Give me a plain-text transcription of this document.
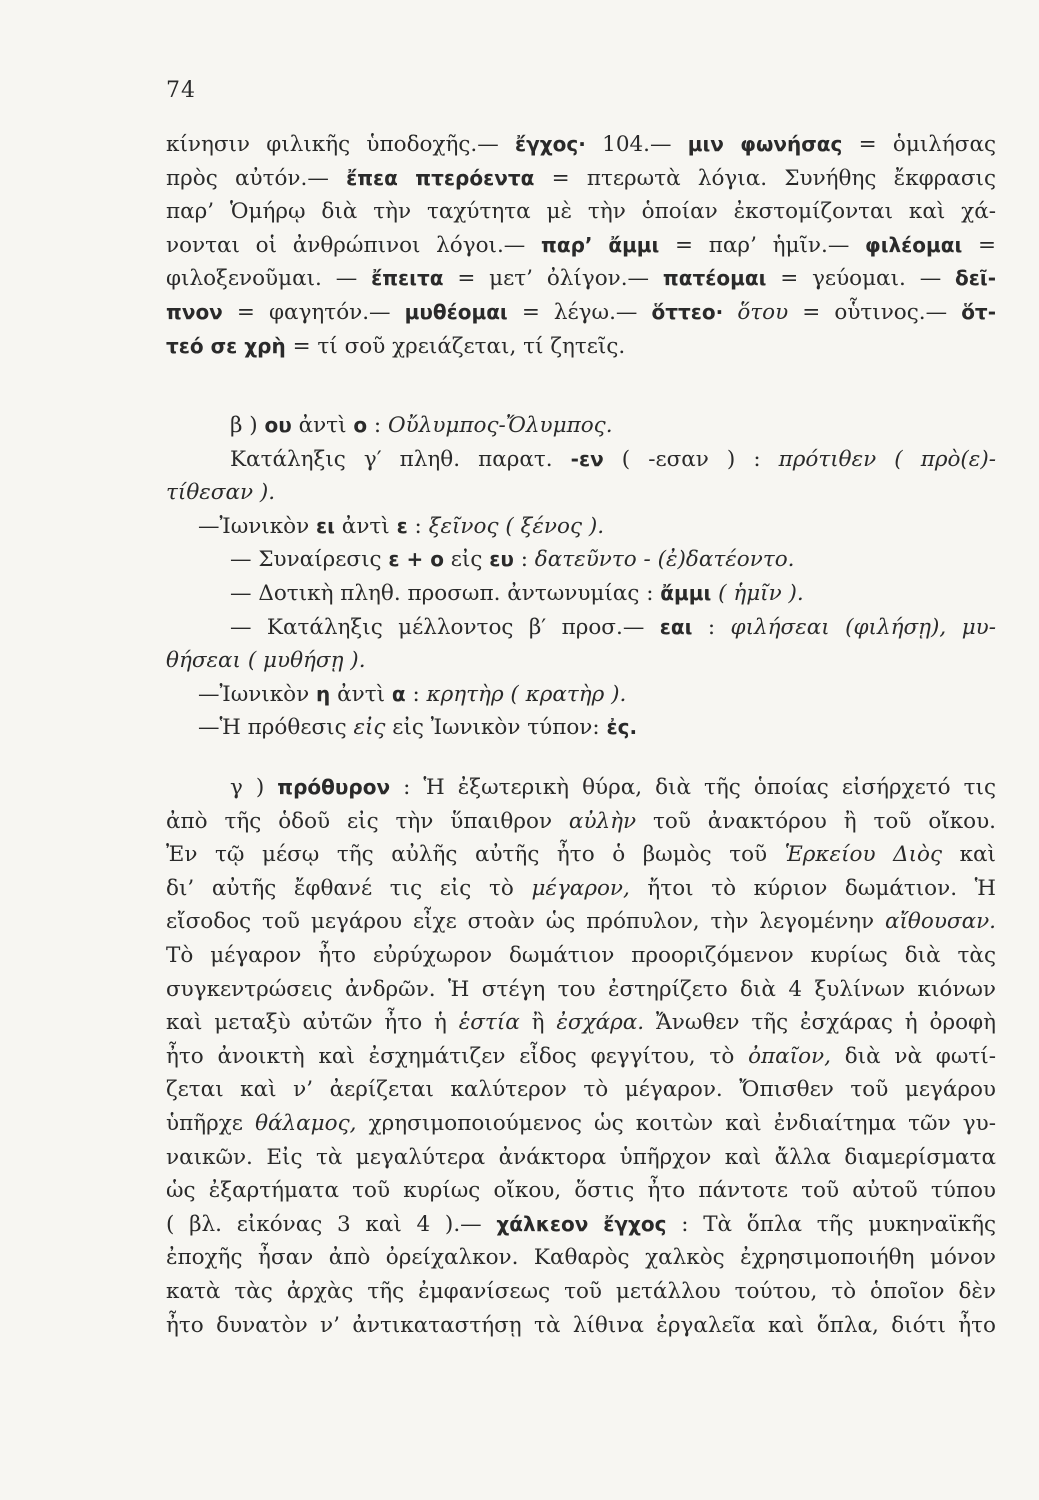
74
κίνησιν φιλικῆς ὑποδοχῆς.— ἔγχος· 104.— μιν φωνήσας = ὁμιλήσας
πρὸς αὐτόν.— ἔπεα πτερόεντα = πτερωτὰ λόγια. Συνήθης ἔκφρασις
παρ’ Ὁμήρῳ διὰ τὴν ταχύτητα μὲ τὴν ὁποίαν ἐκστομίζονται καὶ χά-
νονται οἱ ἀνθρώπινοι λόγοι.— παρ’ ἄμμι = παρ’ ἡμῖν.— φιλέομαι =
φιλοξενοῦμαι. — ἔπειτα = μετ’ ὀλίγον.— πατέομαι = γεύομαι. — δεῖ-
πνον = φαγητόν.— μυθέομαι = λέγω.— ὅττεο· ὅτου = οὗτινος.— ὅτ-
τεό σε χρὴ = τί σοῦ χρειάζεται, τί ζητεῖς.
β ) ου ἀντὶ ο : Οὔλυμπος-Ὄλυμπος.
Κατάληξις γ′ πληθ. παρατ. -εν ( -εσαν ) : πρότιθεν ( πρὸ(ε)-
τίθεσαν ).
—Ἰωνικὸν ει ἀντὶ ε : ξεῖνος ( ξένος ).
— Συναίρεσις ε + ο εἰς ευ : δατεῦντο - (ἐ)δατέοντο.
— Δοτικὴ πληθ. προσωπ. ἀντωνυμίας : ἄμμι ( ἡμῖν ).
— Κατάληξις μέλλοντος β′ προσ.— εαι : φιλήσεαι (φιλήσῃ), μυ-
θήσεαι ( μυθήσῃ ).
—Ἰωνικὸν η ἀντὶ α : κρητὴρ ( κρατὴρ ).
—Ἡ πρόθεσις εἰς εἰς Ἰωνικὸν τύπον: ἐς.
γ ) πρόθυρον : Ἡ ἐξωτερικὴ θύρα, διὰ τῆς ὁποίας εἰσήρχετό τις
ἀπὸ τῆς ὁδοῦ εἰς τὴν ὕπαιθρον αὐλὴν τοῦ ἀνακτόρου ἢ τοῦ οἴκου.
Ἐν τῷ μέσῳ τῆς αὐλῆς αὐτῆς ἦτο ὁ βωμὸς τοῦ Ἑρκείου Διὸς καὶ
δι’ αὐτῆς ἔφθανέ τις εἰς τὸ μέγαρον, ἤτοι τὸ κύριον δωμάτιον. Ἡ
εἴσοδος τοῦ μεγάρου εἶχε στοὰν ὡς πρόπυλον, τὴν λεγομένην αἴθουσαν.
Τὸ μέγαρον ἦτο εὐρύχωρον δωμάτιον προοριζόμενον κυρίως διὰ τὰς
συγκεντρώσεις ἀνδρῶν. Ἡ στέγη του ἐστηρίζετο διὰ 4 ξυλίνων κιόνων
καὶ μεταξὺ αὐτῶν ἦτο ἡ ἑστία ἢ ἐσχάρα. Ἄνωθεν τῆς ἐσχάρας ἡ ὀροφὴ
ἦτο ἀνοικτὴ καὶ ἐσχημάτιζεν εἶδος φεγγίτου, τὸ ὀπαῖον, διὰ νὰ φωτί-
ζεται καὶ ν’ ἀερίζεται καλύτερον τὸ μέγαρον. Ὄπισθεν τοῦ μεγάρου
ὑπῆρχε θάλαμος, χρησιμοποιούμενος ὡς κοιτὼν καὶ ἐνδιαίτημα τῶν γυ-
ναικῶν. Εἰς τὰ μεγαλύτερα ἀνάκτορα ὑπῆρχον καὶ ἄλλα διαμερίσματα
ὡς ἐξαρτήματα τοῦ κυρίως οἴκου, ὅστις ἦτο πάντοτε τοῦ αὐτοῦ τύπου
( βλ. εἰκόνας 3 καὶ 4 ).— χάλκεον ἔγχος : Τὰ ὅπλα τῆς μυκηναϊκῆς
ἐποχῆς ἦσαν ἀπὸ ὀρείχαλκον. Καθαρὸς χαλκὸς ἐχρησιμοποιήθη μόνον
κατὰ τὰς ἀρχὰς τῆς ἐμφανίσεως τοῦ μετάλλου τούτου, τὸ ὁποῖον δὲν
ἦτο δυνατὸν ν’ ἀντικαταστήσῃ τὰ λίθινα ἐργαλεῖα καὶ ὅπλα, διότι ἦτο
